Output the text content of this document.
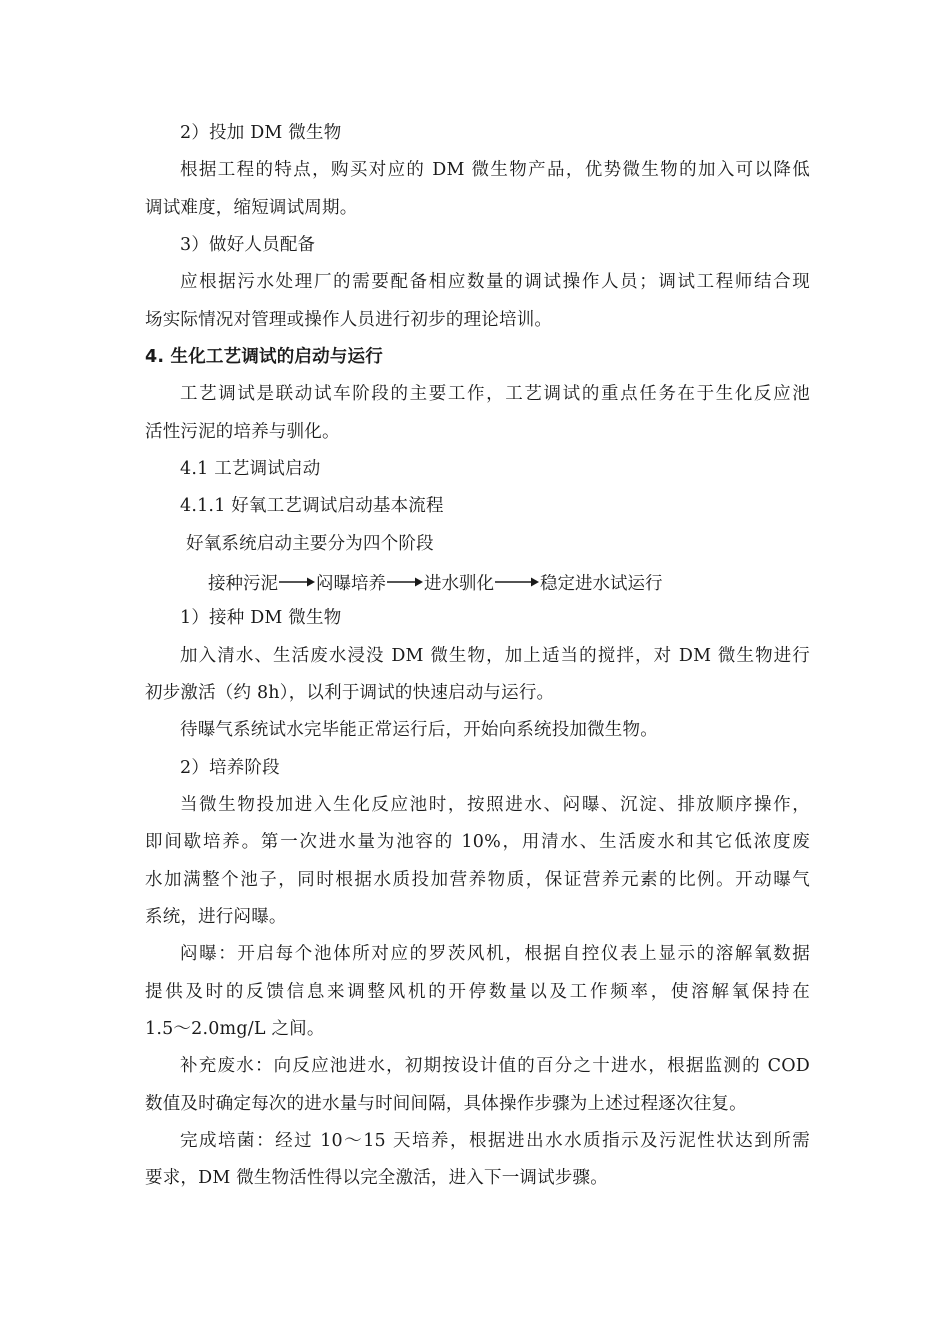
2）投加 DM 微生物
根据工程的特点，购买对应的 DM 微生物产品，优势微生物的加入可以降低
调试难度，缩短调试周期。
3）做好人员配备
应根据污水处理厂的需要配备相应数量的调试操作人员；调试工程师结合现
场实际情况对管理或操作人员进行初步的理论培训。
4. 生化工艺调试的启动与运行
工艺调试是联动试车阶段的主要工作，工艺调试的重点任务在于生化反应池
活性污泥的培养与驯化。
4.1 工艺调试启动
4.1.1 好氧工艺调试启动基本流程
好氧系统启动主要分为四个阶段
接种污泥 闷曝培养 进水驯化	稳定进水试运行
1）接种 DM 微生物
加入清水、生活废水浸没 DM 微生物，加上适当的搅拌，对 DM 微生物进行
初步激活（约 8h），以利于调试的快速启动与运行。
待曝气系统试水完毕能正常运行后，开始向系统投加微生物。
2）培养阶段
当微生物投加进入生化反应池时，按照进水、闷曝、沉淀、排放顺序操作，
即间歇培养。第一次进水量为池容的 10%，用清水、生活废水和其它低浓度废
水加满整个池子，同时根据水质投加营养物质，保证营养元素的比例。开动曝气
系统，进行闷曝。
闷曝：开启每个池体所对应的罗茨风机，根据自控仪表上显示的溶解氧数据
提供及时的反馈信息来调整风机的开停数量以及工作频率，使溶解氧保持在
1.5～2.0mg/L 之间。
补充废水：向反应池进水，初期按设计值的百分之十进水，根据监测的 COD
数值及时确定每次的进水量与时间间隔，具体操作步骤为上述过程逐次往复。
完成培菌：经过 10～15 天培养，根据进出水水质指示及污泥性状达到所需
要求，DM 微生物活性得以完全激活，进入下一调试步骤。
